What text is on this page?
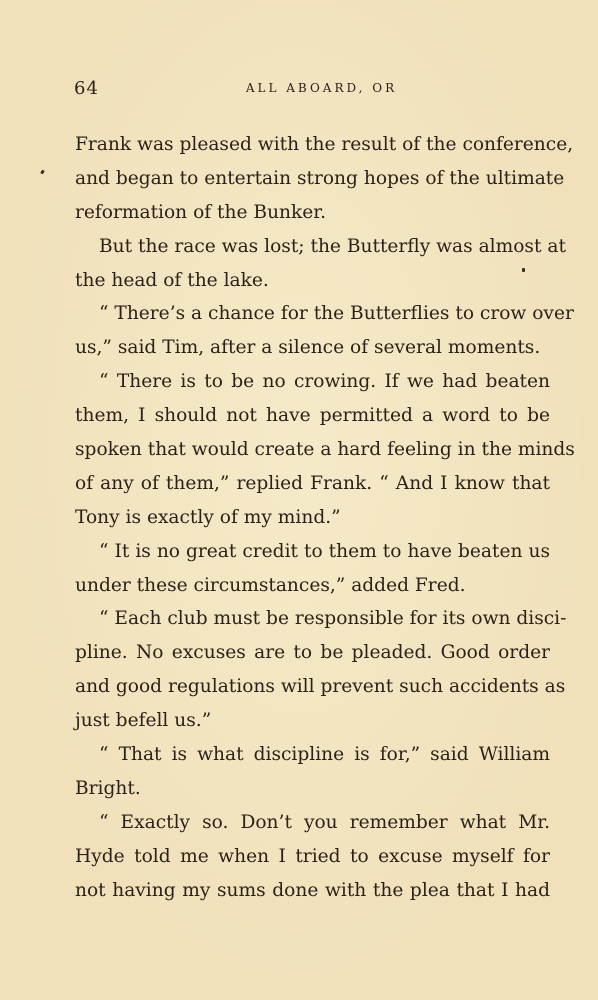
64	ALL ABOARD, OR
Frank was pleased with the result of the conference,
and began to entertain strong hopes of the ultimate
reformation of the Bunker.
But the race was lost; the Butterfly was almost at
the head of the lake.
“ There’s a chance for the Butterflies to crow over
us,” said Tim, after a silence of several moments.
“ There is to be no crowing. If we had beaten
them, I should not have permitted a word to be
spoken that would create a hard feeling in the minds
of any of them,” replied Frank. “ And I know that
Tony is exactly of my mind.”
“ It is no great credit to them to have beaten us
under these circumstances,” added Fred.
“ Each club must be responsible for its own disci-
pline. No excuses are to be pleaded. Good order
and good regulations will prevent such accidents as
just befell us.”
“ That is what discipline is for,” said William
Bright.
“ Exactly so. Don’t you remember what Mr.
Hyde told me when I tried to excuse myself for
not having my sums done with the plea that I had
